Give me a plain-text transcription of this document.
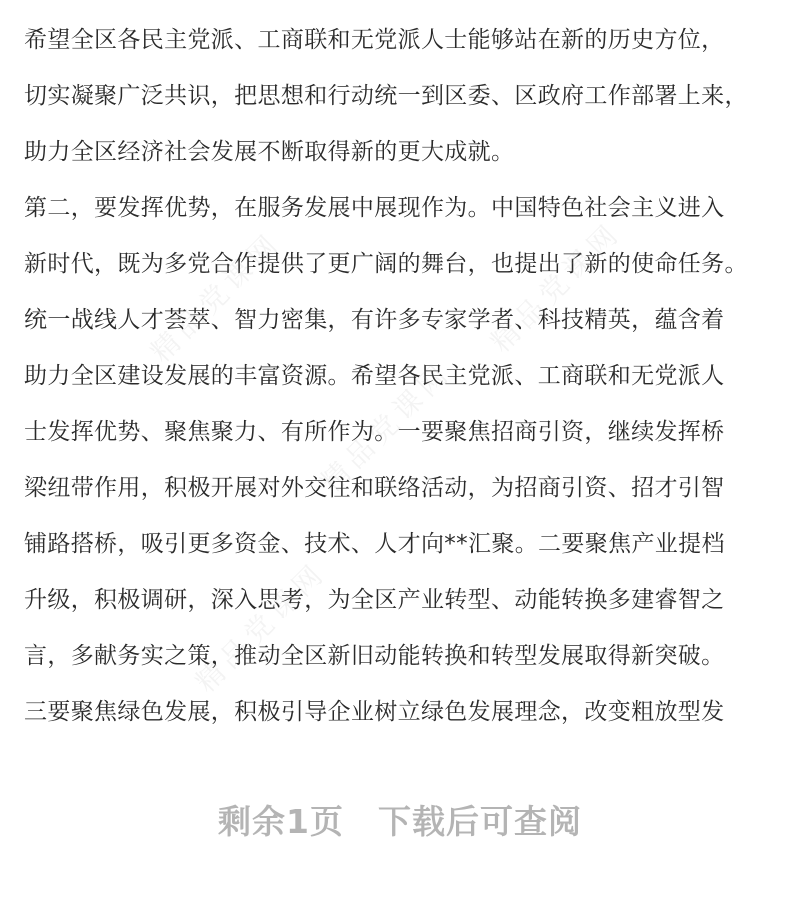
希望全区各民主党派、工商联和无党派人士能够站在新的历史方位，
切实凝聚广泛共识，把思想和行动统一到区委、区政府工作部署上来，
助力全区经济社会发展不断取得新的更大成就。
第二，要发挥优势，在服务发展中展现作为。中国特色社会主义进入
新时代，既为多党合作提供了更广阔的舞台，也提出了新的使命任务。
统一战线人才荟萃、智力密集，有许多专家学者、科技精英，蕴含着
助力全区建设发展的丰富资源。希望各民主党派、工商联和无党派人
士发挥优势、聚焦聚力、有所作为。一要聚焦招商引资，继续发挥桥
梁纽带作用，积极开展对外交往和联络活动，为招商引资、招才引智
铺路搭桥，吸引更多资金、技术、人才向**汇聚。二要聚焦产业提档
升级，积极调研，深入思考，为全区产业转型、动能转换多建睿智之
言，多献务实之策，推动全区新旧动能转换和转型发展取得新突破。
三要聚焦绿色发展，积极引导企业树立绿色发展理念，改变粗放型发
精品党课网	精品党课网
精品党课网
精品党课网
剩余1页 下载后可查阅
